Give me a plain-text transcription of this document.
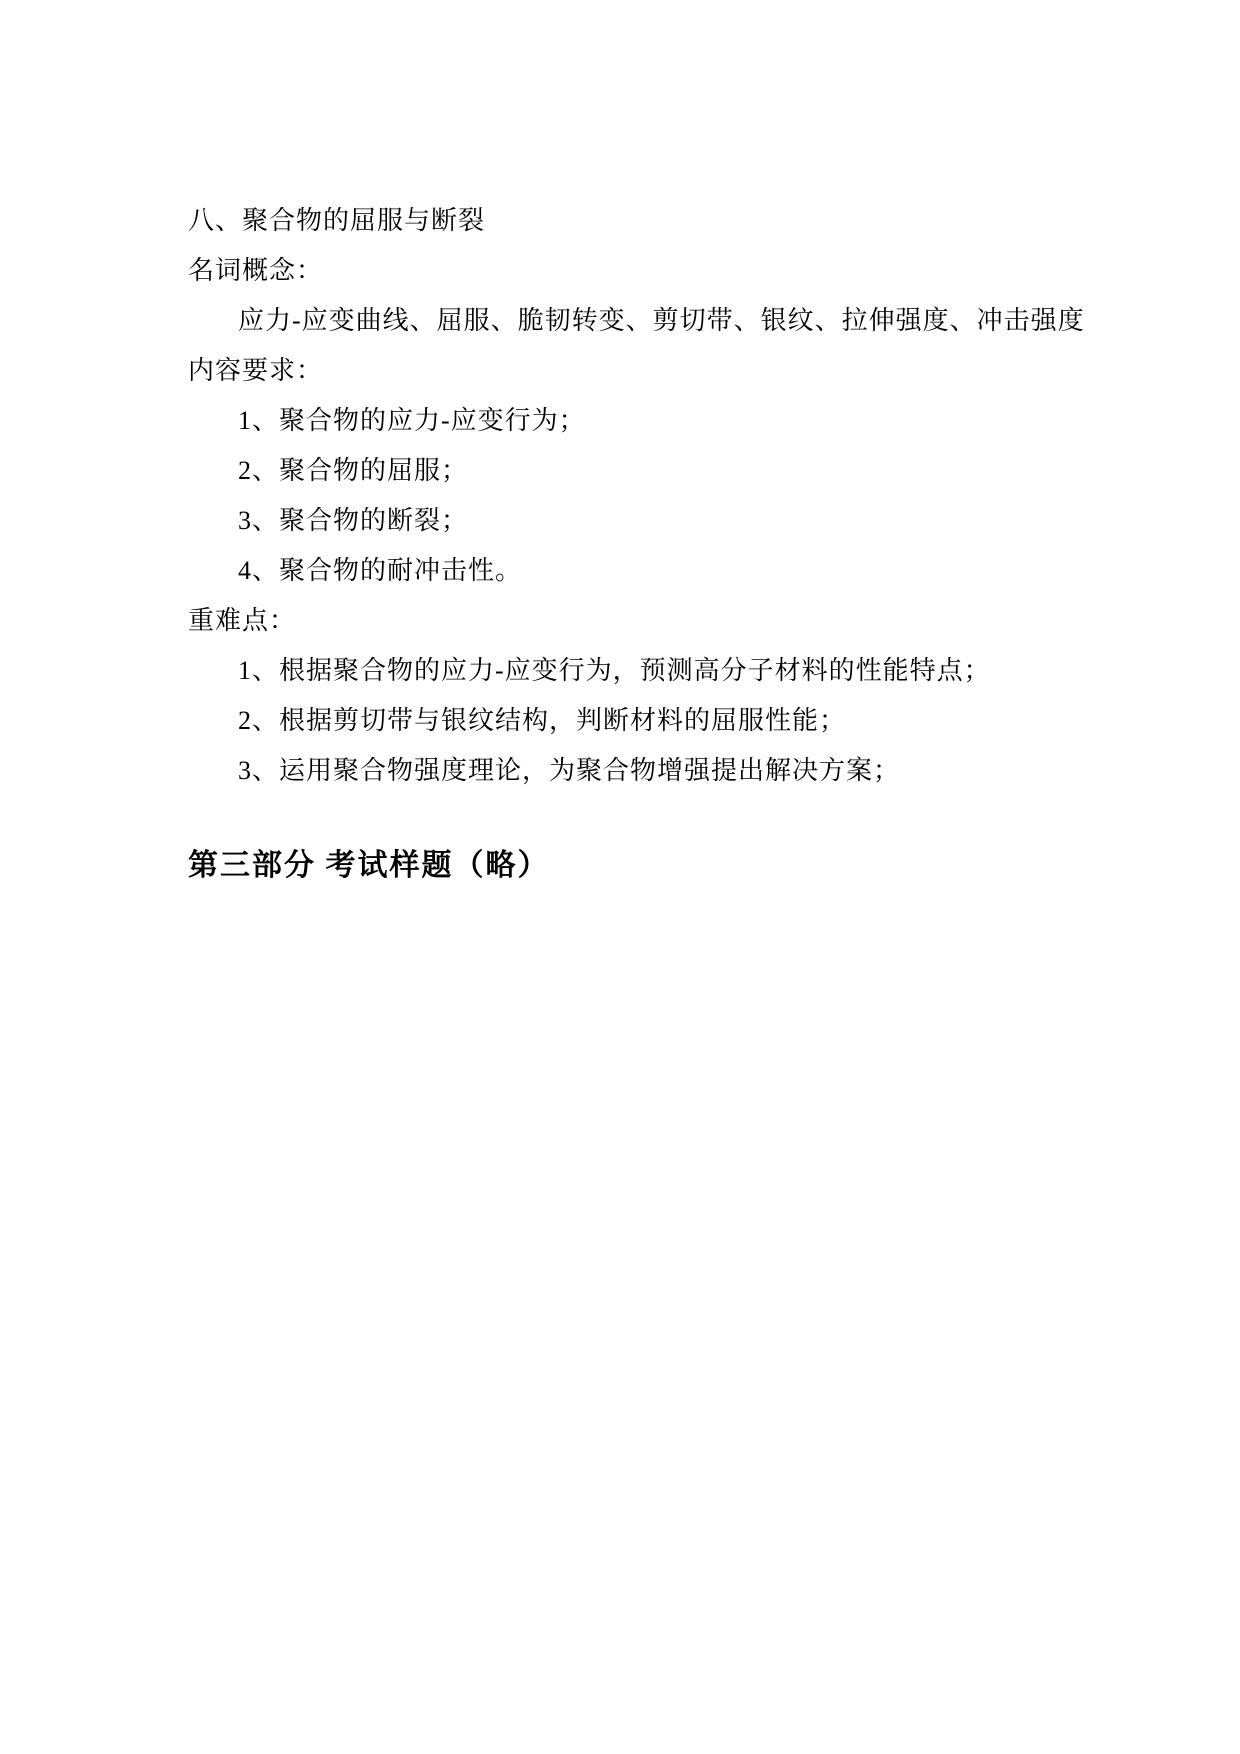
八、聚合物的屈服与断裂

名词概念：

应力-应变曲线、屈服、脆韧转变、剪切带、银纹、拉伸强度、冲击强度

内容要求：

1、聚合物的应力-应变行为；

2、聚合物的屈服；

3、聚合物的断裂；

4、聚合物的耐冲击性。

重难点：

1、根据聚合物的应力-应变行为，预测高分子材料的性能特点；

2、根据剪切带与银纹结构，判断材料的屈服性能；

3、运用聚合物强度理论，为聚合物增强提出解决方案；

第三部分 考试样题（略）
